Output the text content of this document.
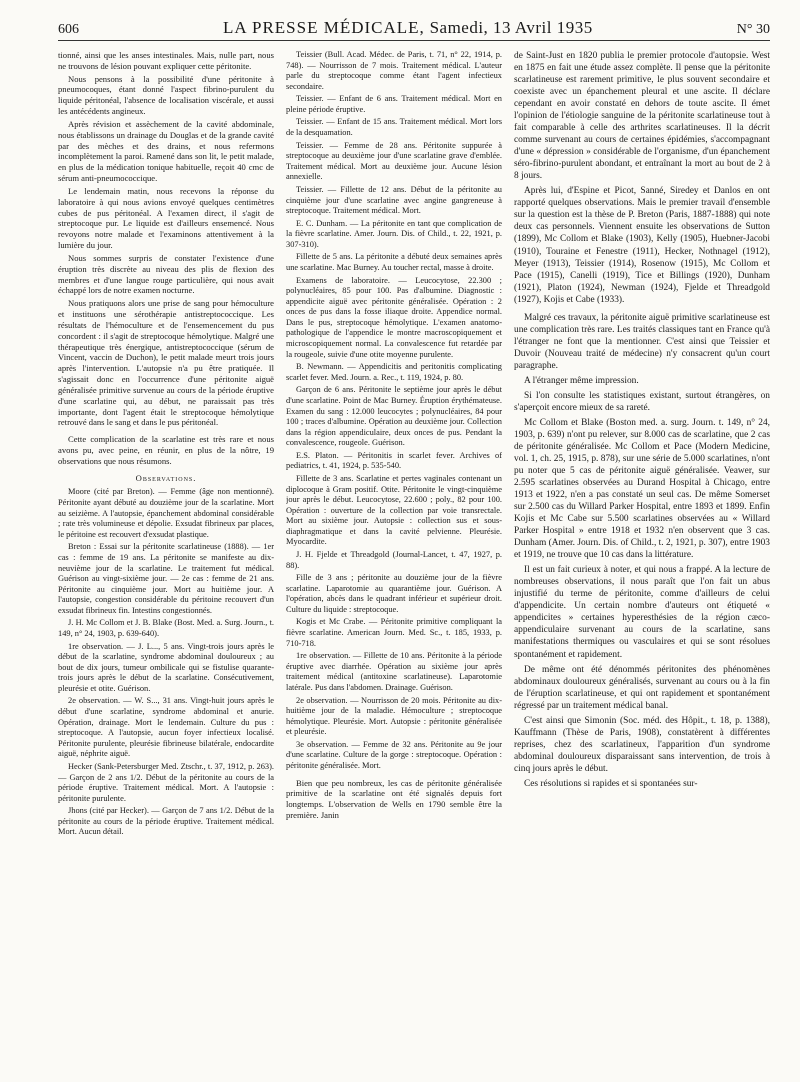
606	LA PRESSE MÉDICALE, Samedi, 13 Avril 1935	N° 30

tionné, ainsi que les anses intestinales. Mais, nulle part, nous ne trouvons de lésion pouvant expliquer cette péritonite.

Nous pensons à la possibilité d'une péritonite à pneumocoques, étant donné l'aspect fibrino-purulent du liquide péritonéal, l'absence de localisation viscérale, et aussi les antécédents angineux.

Après révision et assèchement de la cavité abdominale, nous établissons un drainage du Douglas et de la grande cavité par des mèches et des drains, et nous refermons incomplètement la paroi. Ramené dans son lit, le petit malade, en plus de la médication tonique habituelle, reçoit 40 cmc de sérum anti-pneumococcique.

Le lendemain matin, nous recevons la réponse du laboratoire à qui nous avions envoyé quelques centimètres cubes de pus péritonéal. A l'examen direct, il s'agit de streptocoque pur. Le liquide est d'ailleurs ensemencé. Nous revoyons notre malade et l'examinons attentivement à la lumière du jour.

Nous sommes surpris de constater l'existence d'une éruption très discrète au niveau des plis de flexion des membres et d'une langue rouge particulière, qui nous avait échappé lors de notre examen nocturne.

Nous pratiquons alors une prise de sang pour hémoculture et instituons une sérothérapie antistreptococcique. Les résultats de l'hémoculture et de l'ensemencement du pus concordent : il s'agit de streptocoque hémolytique. Malgré une thérapeutique très énergique, antistreptococcique (sérum de Vincent, vaccin de Duchon), le petit malade meurt trois jours après l'intervention. L'autopsie n'a pu être pratiquée. Il s'agissait donc en l'occurrence d'une péritonite aiguë généralisée primitive survenue au cours de la période éruptive d'une scarlatine qui, au début, ne paraissait pas très importante, dont l'agent était le streptocoque hémolytique retrouvé dans le sang et dans le pus péritonéal.

Cette complication de la scarlatine est très rare et nous avons pu, avec peine, en réunir, en plus de la nôtre, 19 observations que nous résumons.

Observations.

Moore (cité par Breton). — Femme (âge non mentionné). Péritonite ayant débuté au douzième jour de la scarlatine. Mort au seizième. A l'autopsie, épanchement abdominal considérable ; rate très volumineuse et dépolie. Exsudat fibrineux par places, le péritoine est recouvert d'exsudat plastique.

Breton : Essai sur la péritonite scarlatineuse (1888). — 1er cas : femme de 19 ans. La péritonite se manifeste au dix-neuvième jour de la scarlatine. Le traitement fut médical. Guérison au vingt-sixième jour. — 2e cas : femme de 21 ans. Péritonite au cinquième jour. Mort au huitième jour. A l'autopsie, congestion considérable du péritoine recouvert d'un exsudat fibrineux fin. Intestins congestionnés.

J. H. Mc Collom et J. B. Blake (Bost. Med. a. Surg. Journ., t. 149, n° 24, 1903, p. 639-640).

1re observation. — J. L..., 5 ans. Vingt-trois jours après le début de la scarlatine, syndrome abdominal douloureux ; au bout de dix jours, tumeur ombilicale qui se fistulise quarante-trois jours après le début de la scarlatine. Consécutivement, pleurésie et otite. Guérison.

2e observation. — W. S..., 31 ans. Vingt-huit jours après le début d'une scarlatine, syndrome abdominal et anurie. Opération, drainage. Mort le lendemain. Culture du pus : streptocoque. A l'autopsie, aucun foyer infectieux localisé. Péritonite purulente, pleurésie fibrineuse bilatérale, endocardite aiguë, néphrite aiguë.

Hecker (Sank-Petersburger Med. Ztschr., t. 37, 1912, p. 263). — Garçon de 2 ans 1/2. Début de la péritonite au cours de la période éruptive. Traitement médical. Mort. A l'autopsie : péritonite purulente.

Jhons (cité par Hecker). — Garçon de 7 ans 1/2. Début de la péritonite au cours de la période éruptive. Traitement médical. Mort. Aucun détail.

Teissier (Bull. Acad. Médec. de Paris, t. 71, n° 22, 1914, p. 748). — Nourrisson de 7 mois. Traitement médical. L'auteur parle du streptocoque comme étant l'agent infectieux secondaire.

Teissier. — Enfant de 6 ans. Traitement médical. Mort en pleine période éruptive.

Teissier. — Enfant de 15 ans. Traitement médical. Mort lors de la desquamation.

Teissier. — Femme de 28 ans. Péritonite suppurée à streptocoque au deuxième jour d'une scarlatine grave d'emblée. Traitement médical. Mort au deuxième jour. Aucune lésion annexielle.

Teissier. — Fillette de 12 ans. Début de la péritonite au cinquième jour d'une scarlatine avec angine gangreneuse à streptocoque. Traitement médical. Mort.

E. C. Dunham. — La péritonite en tant que complication de la fièvre scarlatine. Amer. Journ. Dis. of Child., t. 22, 1921, p. 307-310).

Fillette de 5 ans. La péritonite a débuté deux semaines après une scarlatine. Mac Burney. Au toucher rectal, masse à droite.

Examens de laboratoire. — Leucocytose, 22.300 ; polynucléaires, 85 pour 100. Pas d'albumine. Diagnostic : appendicite aiguë avec péritonite généralisée. Opération : 2 onces de pus dans la fosse iliaque droite. Appendice normal. Dans le pus, streptocoque hémolytique. L'examen anatomo-pathologique de l'appendice le montre macroscopiquement et microscopiquement normal. La convalescence fut retardée par la rougeole, suivie d'une otite moyenne purulente.

B. Newmann. — Appendicitis and peritonitis complicating scarlet fever. Med. Journ. a. Rec., t. 119, 1924, p. 80.

Garçon de 6 ans. Péritonite le septième jour après le début d'une scarlatine. Point de Mac Burney. Éruption érythémateuse. Examen du sang : 12.000 leucocytes ; polynucléaires, 84 pour 100 ; traces d'albumine. Opération au deuxième jour. Collection dans la région appendiculaire, deux onces de pus. Pendant la convalescence, rougeole. Guérison.

E.S. Platon. — Péritonitis in scarlet fever. Archives of pediatrics, t. 41, 1924, p. 535-540.

Fillette de 3 ans. Scarlatine et pertes vaginales contenant un diplocoque à Gram positif. Otite. Péritonite le vingt-cinquième jour après le début. Leucocytose, 22.600 ; poly., 82 pour 100. Opération : ouverture de la collection par voie transrectale. Mort au sixième jour. Autopsie : collection sus et sous-diaphragmatique et dans la cavité pelvienne. Pleurésie. Myocardite.

J. H. Fjelde et Threadgold (Journal-Lancet, t. 47, 1927, p. 88).

Fille de 3 ans ; péritonite au douzième jour de la fièvre scarlatine. Laparotomie au quarantième jour. Guérison. A l'opération, abcès dans le quadrant inférieur et supérieur droit. Culture du liquide : streptocoque.

Kogis et Mc Crabe. — Péritonite primitive compliquant la fièvre scarlatine. American Journ. Med. Sc., t. 185, 1933, p. 710-718.

1re observation. — Fillette de 10 ans. Péritonite à la période éruptive avec diarrhée. Opération au sixième jour après traitement médical (antitoxine scarlatineuse). Laparotomie latérale. Pus dans l'abdomen. Drainage. Guérison.

2e observation. — Nourrisson de 20 mois. Péritonite au dix-huitième jour de la maladie. Hémoculture ; streptocoque hémolytique. Pleurésie. Mort. Autopsie : péritonite généralisée et pleurésie.

3e observation. — Femme de 32 ans. Péritonite au 9e jour d'une scarlatine. Culture de la gorge : streptocoque. Opération : péritonite généralisée. Mort.

Bien que peu nombreux, les cas de péritonite généralisée primitive de la scarlatine ont été signalés depuis fort longtemps. L'observation de Wells en 1790 semble être la première. Janin

de Saint-Just en 1820 publia le premier protocole d'autopsie. West en 1875 en fait une étude assez complète. Il pense que la péritonite scarlatineuse est rarement primitive, le plus souvent secondaire et coexiste avec un épanchement pleural et une ascite. Il déclare cependant en avoir constaté en dehors de toute ascite. Il émet l'opinion de l'étiologie sanguine de la péritonite scarlatineuse tout à fait comparable à celle des arthrites scarlatineuses. Il la décrit comme survenant au cours de certaines épidémies, s'accompagnant d'une « dépression » considérable de l'organisme, d'un épanchement séro-fibrino-purulent abondant, et entraînant la mort au bout de 2 à 8 jours.

Après lui, d'Espine et Picot, Sanné, Siredey et Danlos en ont rapporté quelques observations. Mais le premier travail d'ensemble sur la question est la thèse de P. Breton (Paris, 1887-1888) qui note deux cas personnels. Viennent ensuite les observations de Sutton (1899), Mc Collom et Blake (1903), Kelly (1905), Huebner-Jacobi (1910), Touraine et Fenestre (1911), Hecker, Nothnagel (1912), Meyer (1913), Teissier (1914), Rosenow (1915), Mc Collom et Pace (1915), Canelli (1919), Tice et Billings (1920), Dunham (1921), Platon (1924), Newman (1924), Fjelde et Threadgold (1927), Kojis et Cabe (1933).

Malgré ces travaux, la péritonite aiguë primitive scarlatineuse est une complication très rare. Les traités classiques tant en France qu'à l'étranger ne font que la mentionner. C'est ainsi que Teissier et Duvoir (Nouveau traité de médecine) n'y consacrent qu'un court paragraphe.

A l'étranger même impression.

Si l'on consulte les statistiques existant, surtout étrangères, on s'aperçoit encore mieux de sa rareté.

Mc Collom et Blake (Boston med. a. surg. Journ. t. 149, n° 24, 1903, p. 639) n'ont pu relever, sur 8.000 cas de scarlatine, que 2 cas de péritonite généralisée. Mc Collom et Pace (Modern Medicine, vol. 1, ch. 25, 1915, p. 878), sur une série de 5.000 scarlatines, n'ont pu noter que 5 cas de péritonite aiguë généralisée. Veawer, sur 2.595 scarlatines observées au Durand Hospital à Chicago, entre 1913 et 1922, n'en a pas constaté un seul cas. De même Somerset sur 2.500 cas du Willard Parker Hospital, entre 1893 et 1899. Enfin Kojis et Mc Cabe sur 5.500 scarlatines observées au « Willard Parker Hospital » entre 1918 et 1932 n'en observent que 3 cas. Dunham (Amer. Journ. Dis. of Child., t. 2, 1921, p. 307), entre 1903 et 1919, ne trouve que 10 cas dans la littérature.

Il est un fait curieux à noter, et qui nous a frappé. A la lecture de nombreuses observations, il nous paraît que l'on fait un abus injustifié du terme de péritonite, comme d'ailleurs de celui d'appendicite. Un certain nombre d'auteurs ont étiqueté « appendicites » certaines hyperesthésies de la région cæco-appendiculaire survenant au cours de la scarlatine, sans manifestations thermiques ou vasculaires et qui se sont résolues spontanément et rapidement.

De même ont été dénommés péritonites des phénomènes abdominaux douloureux généralisés, survenant au cours ou à la fin de l'éruption scarlatineuse, et qui ont rapidement et spontanément régressé par un traitement médical banal.

C'est ainsi que Simonin (Soc. méd. des Hôpit., t. 18, p. 1388), Kauffmann (Thèse de Paris, 1908), constatèrent à différentes reprises, chez des scarlatineux, l'apparition d'un syndrome abdominal douloureux disparaissant sans intervention, de trois à cinq jours après le début.

Ces résolutions si rapides et si spontanées sur-
